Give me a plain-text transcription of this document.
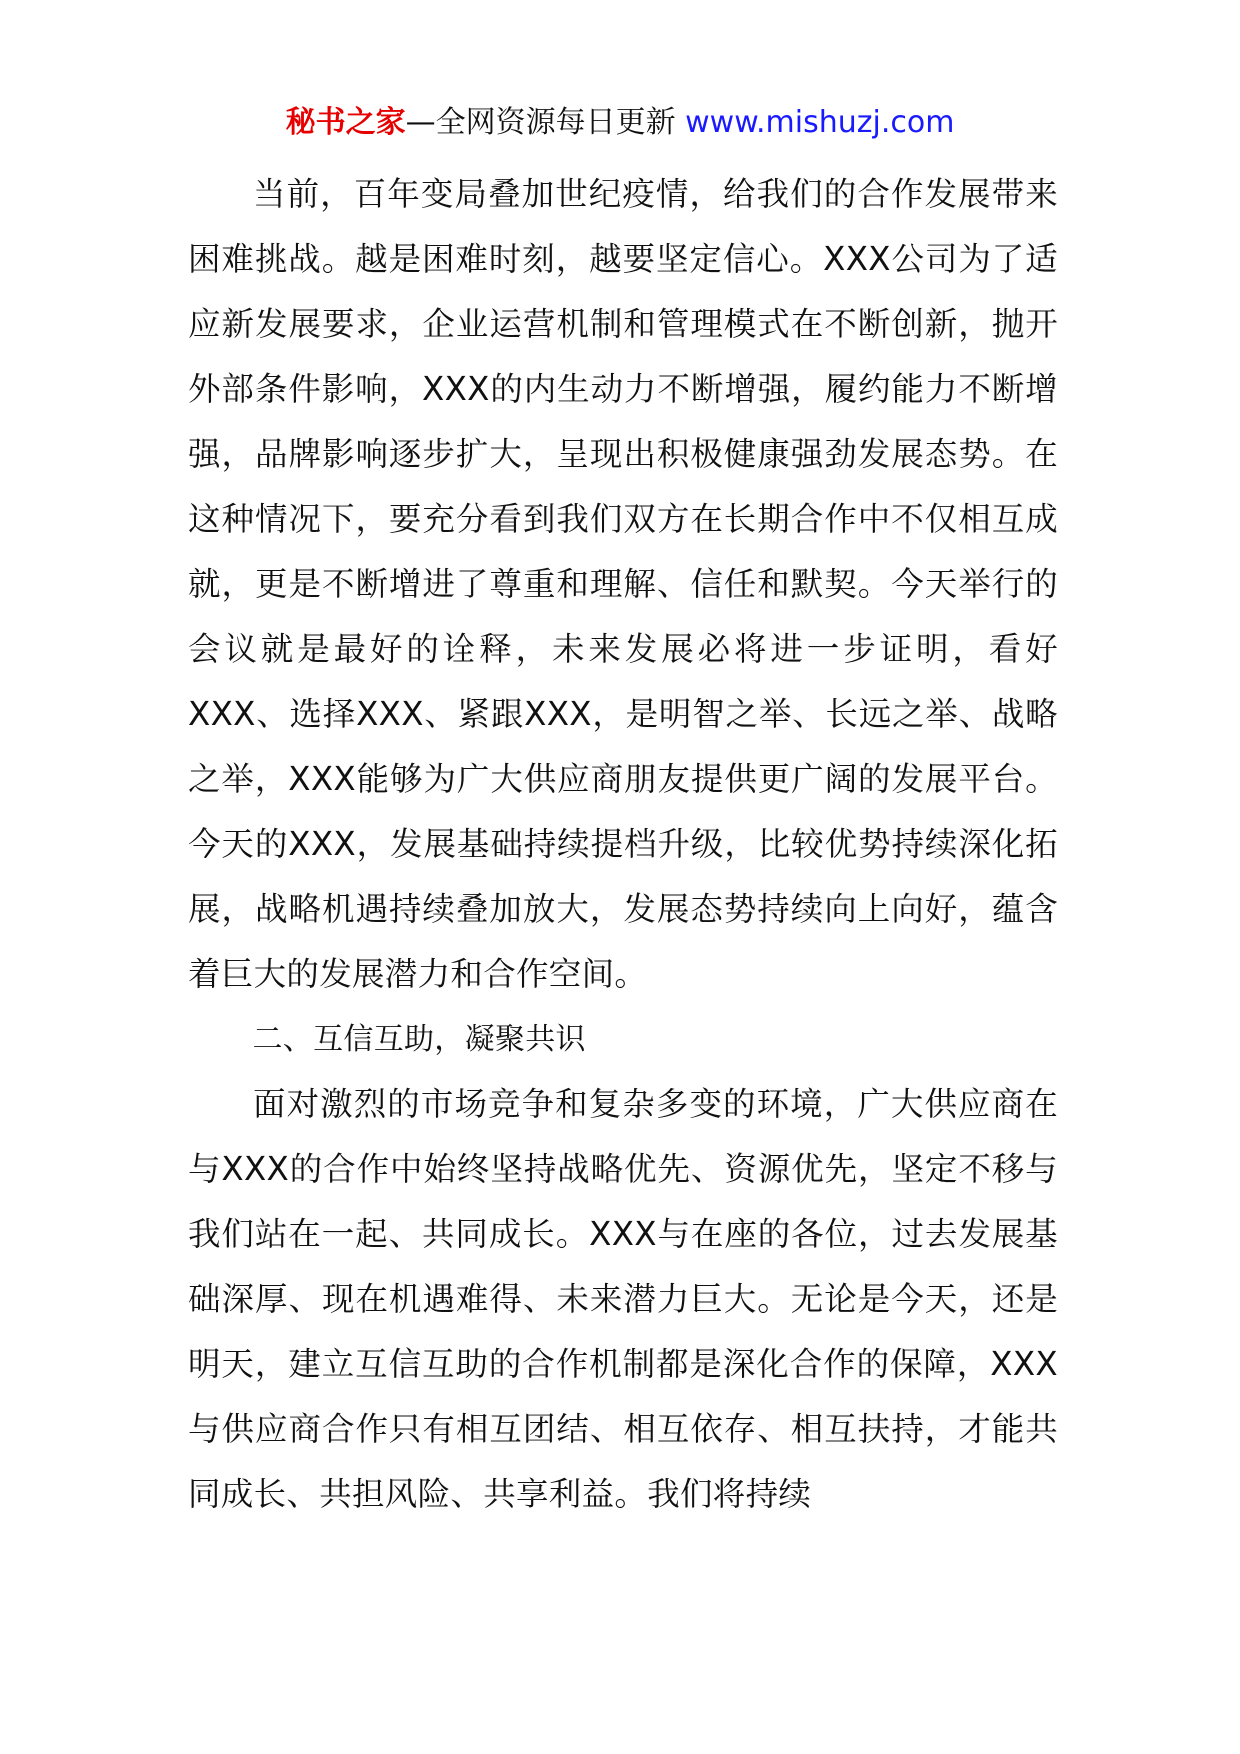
秘书之家—全网资源每日更新 www.mishuzj.com

当前，百年变局叠加世纪疫情，给我们的合作发展带来困难挑战。越是困难时刻，越要坚定信心。XXX公司为了适应新发展要求，企业运营机制和管理模式在不断创新，抛开外部条件影响，XXX的内生动力不断增强，履约能力不断增强，品牌影响逐步扩大，呈现出积极健康强劲发展态势。在这种情况下，要充分看到我们双方在长期合作中不仅相互成就，更是不断增进了尊重和理解、信任和默契。今天举行的会议就是最好的诠释，未来发展必将进一步证明，看好XXX、选择XXX、紧跟XXX，是明智之举、长远之举、战略之举，XXX能够为广大供应商朋友提供更广阔的发展平台。今天的XXX，发展基础持续提档升级，比较优势持续深化拓展，战略机遇持续叠加放大，发展态势持续向上向好，蕴含着巨大的发展潜力和合作空间。

二、互信互助，凝聚共识

面对激烈的市场竞争和复杂多变的环境，广大供应商在与XXX的合作中始终坚持战略优先、资源优先，坚定不移与我们站在一起、共同成长。XXX与在座的各位，过去发展基础深厚、现在机遇难得、未来潜力巨大。无论是今天，还是明天，建立互信互助的合作机制都是深化合作的保障，XXX与供应商合作只有相互团结、相互依存、相互扶持，才能共同成长、共担风险、共享利益。我们将持续
